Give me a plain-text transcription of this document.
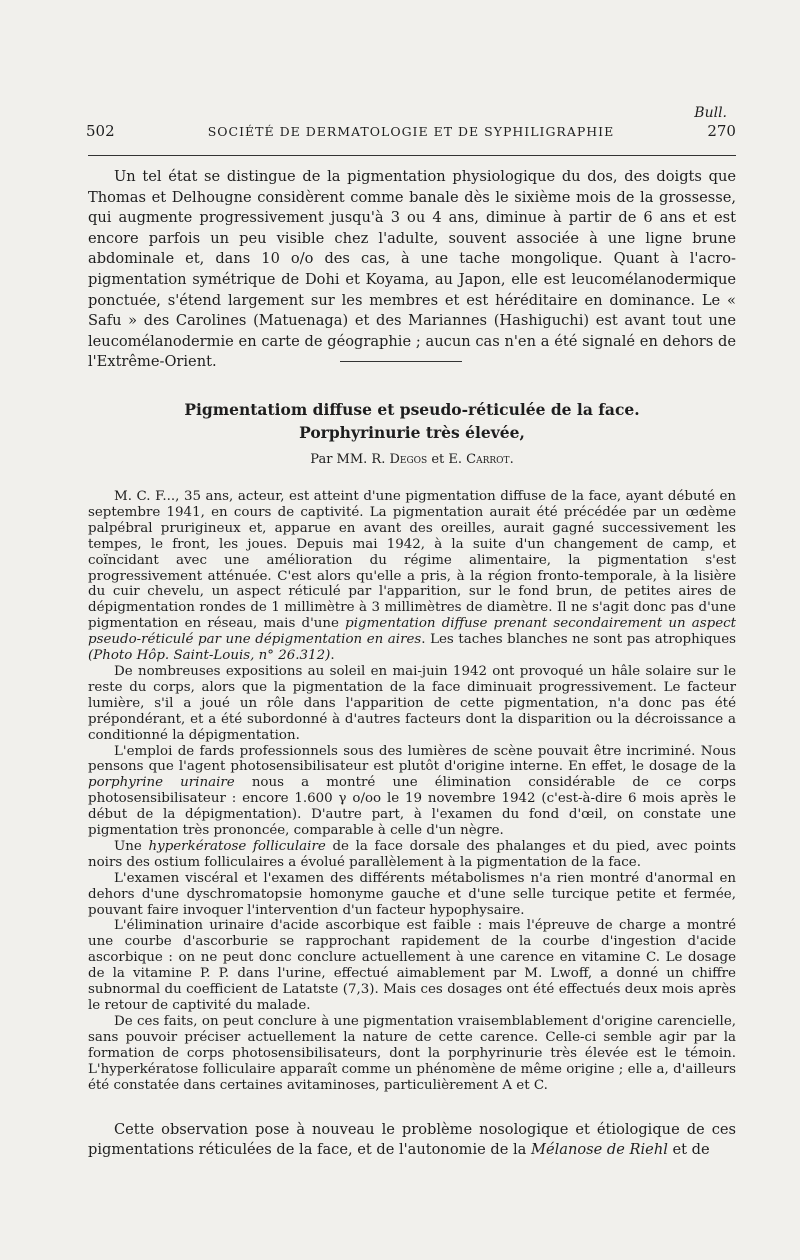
Bull.
502	SOCIÉTÉ DE DERMATOLOGIE ET DE SYPHILIGRAPHIE	270

Un tel état se distingue de la pigmentation physiologique du dos, des doigts que Thomas et Delhougne considèrent comme banale dès le sixième mois de la grossesse, qui augmente progressivement jusqu'à 3 ou 4 ans, diminue à partir de 6 ans et est encore parfois un peu visible chez l'adulte, souvent associée à une ligne brune abdominale et, dans 10 o/o des cas, à une tache mongolique. Quant à l'acro-pigmentation symétrique de Dohi et Koyama, au Japon, elle est leucomélanodermique ponctuée, s'étend largement sur les membres et est héréditaire en dominance. Le « Safu » des Carolines (Matuenaga) et des Mariannes (Hashiguchi) est avant tout une leucomélanodermie en carte de géographie ; aucun cas n'en a été signalé en dehors de l'Extrême-Orient.

Pigmentatiom diffuse et pseudo-réticulée de la face.
Porphyrinurie très élevée,
Par MM. R. Degos et E. Carrot.

M. C. F..., 35 ans, acteur, est atteint d'une pigmentation diffuse de la face, ayant débuté en septembre 1941, en cours de captivité. La pigmentation aurait été précédée par un œdème palpébral prurigineux et, apparue en avant des oreilles, aurait gagné successivement les tempes, le front, les joues. Depuis mai 1942, à la suite d'un changement de camp, et coïncidant avec une amélioration du régime alimentaire, la pigmentation s'est progressivement atténuée. C'est alors qu'elle a pris, à la région fronto-temporale, à la lisière du cuir chevelu, un aspect réticulé par l'apparition, sur le fond brun, de petites aires de dépigmentation rondes de 1 millimètre à 3 millimètres de diamètre. Il ne s'agit donc pas d'une pigmentation en réseau, mais d'une pigmentation diffuse prenant secondairement un aspect pseudo-réticulé par une dépigmentation en aires. Les taches blanches ne sont pas atrophiques (Photo Hôp. Saint-Louis, n° 26.312).

De nombreuses expositions au soleil en mai-juin 1942 ont provoqué un hâle solaire sur le reste du corps, alors que la pigmentation de la face diminuait progressivement. Le facteur lumière, s'il a joué un rôle dans l'apparition de cette pigmentation, n'a donc pas été prépondérant, et a été subordonné à d'autres facteurs dont la disparition ou la décroissance a conditionné la dépigmentation.

L'emploi de fards professionnels sous des lumières de scène pouvait être incriminé. Nous pensons que l'agent photosensibilisateur est plutôt d'origine interne. En effet, le dosage de la porphyrine urinaire nous a montré une élimination considérable de ce corps photosensibilisateur : encore 1.600 γ o/oo le 19 novembre 1942 (c'est-à-dire 6 mois après le début de la dépigmentation). D'autre part, à l'examen du fond d'œil, on constate une pigmentation très prononcée, comparable à celle d'un nègre.

Une hyperkératose folliculaire de la face dorsale des phalanges et du pied, avec points noirs des ostium folliculaires a évolué parallèlement à la pigmentation de la face.

L'examen viscéral et l'examen des différents métabolismes n'a rien montré d'anormal en dehors d'une dyschromatopsie homonyme gauche et d'une selle turcique petite et fermée, pouvant faire invoquer l'intervention d'un facteur hypophysaire.

L'élimination urinaire d'acide ascorbique est faible : mais l'épreuve de charge a montré une courbe d'ascorburie se rapprochant rapidement de la courbe d'ingestion d'acide ascorbique : on ne peut donc conclure actuellement à une carence en vitamine C. Le dosage de la vitamine P. P. dans l'urine, effectué aimablement par M. Lwoff, a donné un chiffre subnormal du coefficient de Latatste (7,3). Mais ces dosages ont été effectués deux mois après le retour de captivité du malade.

De ces faits, on peut conclure à une pigmentation vraisemblablement d'origine carencielle, sans pouvoir préciser actuellement la nature de cette carence. Celle-ci semble agir par la formation de corps photosensibilisateurs, dont la porphyrinurie très élevée est le témoin. L'hyperkératose folliculaire apparaît comme un phénomène de même origine ; elle a, d'ailleurs été constatée dans certaines avitaminoses, particulièrement A et C.

Cette observation pose à nouveau le problème nosologique et étiologique de ces pigmentations réticulées de la face, et de l'autonomie de la Mélanose de Riehl et de
